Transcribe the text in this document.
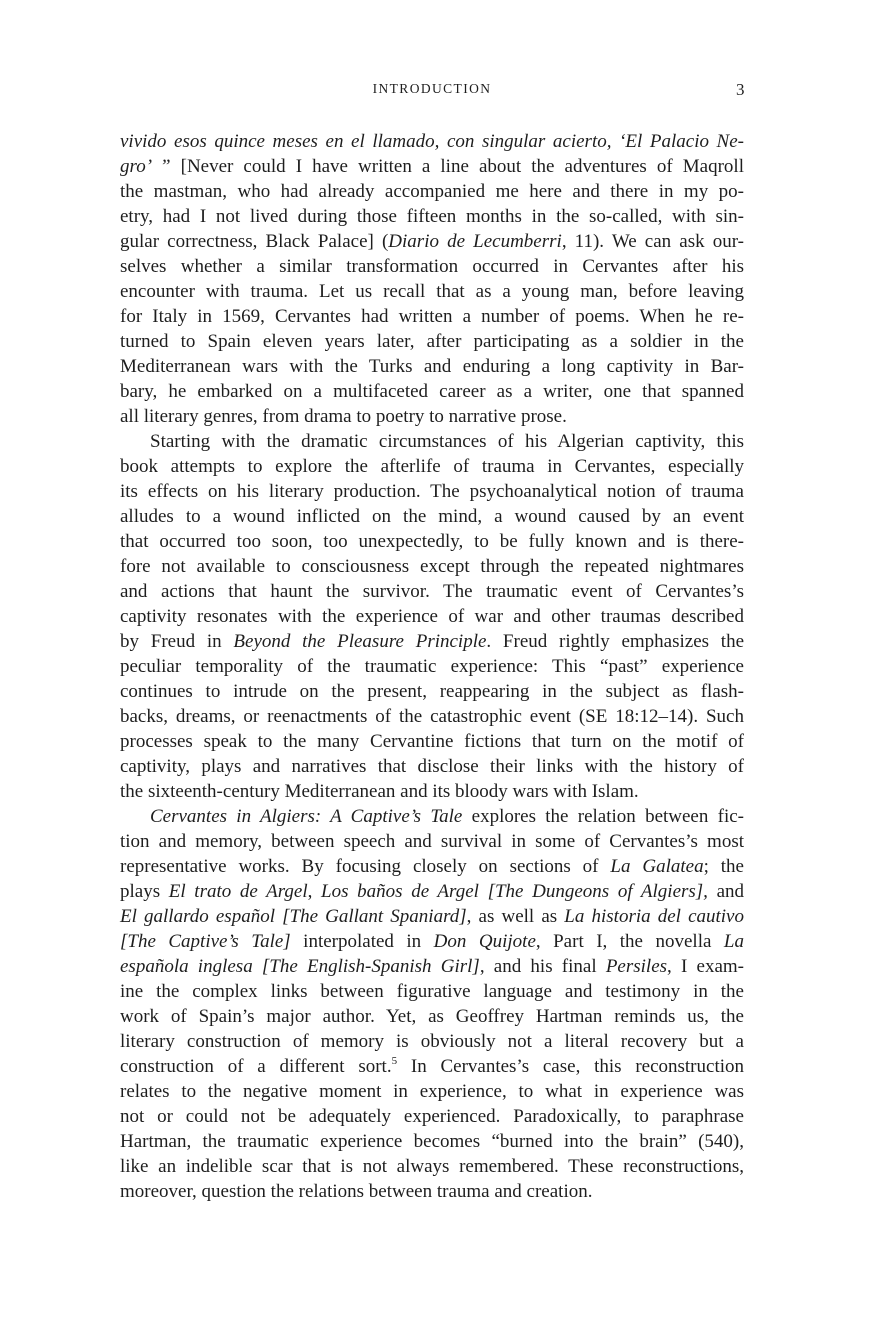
INTRODUCTION	3
vivido esos quince meses en el llamado, con singular acierto, ‘El Palacio Ne-
gro’ ” [Never could I have written a line about the adventures of Maqroll
the mastman, who had already accompanied me here and there in my po-
etry, had I not lived during those fifteen months in the so-called, with sin-
gular correctness, Black Palace] (Diario de Lecumberri, 11). We can ask our-
selves whether a similar transformation occurred in Cervantes after his
encounter with trauma. Let us recall that as a young man, before leaving
for Italy in 1569, Cervantes had written a number of poems. When he re-
turned to Spain eleven years later, after participating as a soldier in the
Mediterranean wars with the Turks and enduring a long captivity in Bar-
bary, he embarked on a multifaceted career as a writer, one that spanned
all literary genres, from drama to poetry to narrative prose.
Starting with the dramatic circumstances of his Algerian captivity, this
book attempts to explore the afterlife of trauma in Cervantes, especially
its effects on his literary production. The psychoanalytical notion of trauma
alludes to a wound inflicted on the mind, a wound caused by an event
that occurred too soon, too unexpectedly, to be fully known and is there-
fore not available to consciousness except through the repeated nightmares
and actions that haunt the survivor. The traumatic event of Cervantes’s
captivity resonates with the experience of war and other traumas described
by Freud in Beyond the Pleasure Principle. Freud rightly emphasizes the
peculiar temporality of the traumatic experience: This “past” experience
continues to intrude on the present, reappearing in the subject as flash-
backs, dreams, or reenactments of the catastrophic event (SE 18:12–14). Such
processes speak to the many Cervantine fictions that turn on the motif of
captivity, plays and narratives that disclose their links with the history of
the sixteenth-century Mediterranean and its bloody wars with Islam.
Cervantes in Algiers: A Captive’s Tale explores the relation between fic-
tion and memory, between speech and survival in some of Cervantes’s most
representative works. By focusing closely on sections of La Galatea; the
plays El trato de Argel, Los baños de Argel [The Dungeons of Algiers], and
El gallardo español [The Gallant Spaniard], as well as La historia del cautivo
[The Captive’s Tale] interpolated in Don Quijote, Part I, the novella La
española inglesa [The English-Spanish Girl], and his final Persiles, I exam-
ine the complex links between figurative language and testimony in the
work of Spain’s major author. Yet, as Geoffrey Hartman reminds us, the
literary construction of memory is obviously not a literal recovery but a
construction of a different sort.$^5$ In Cervantes’s case, this reconstruction
relates to the negative moment in experience, to what in experience was
not or could not be adequately experienced. Paradoxically, to paraphrase
Hartman, the traumatic experience becomes “burned into the brain” (540),
like an indelible scar that is not always remembered. These reconstructions,
moreover, question the relations between trauma and creation.
